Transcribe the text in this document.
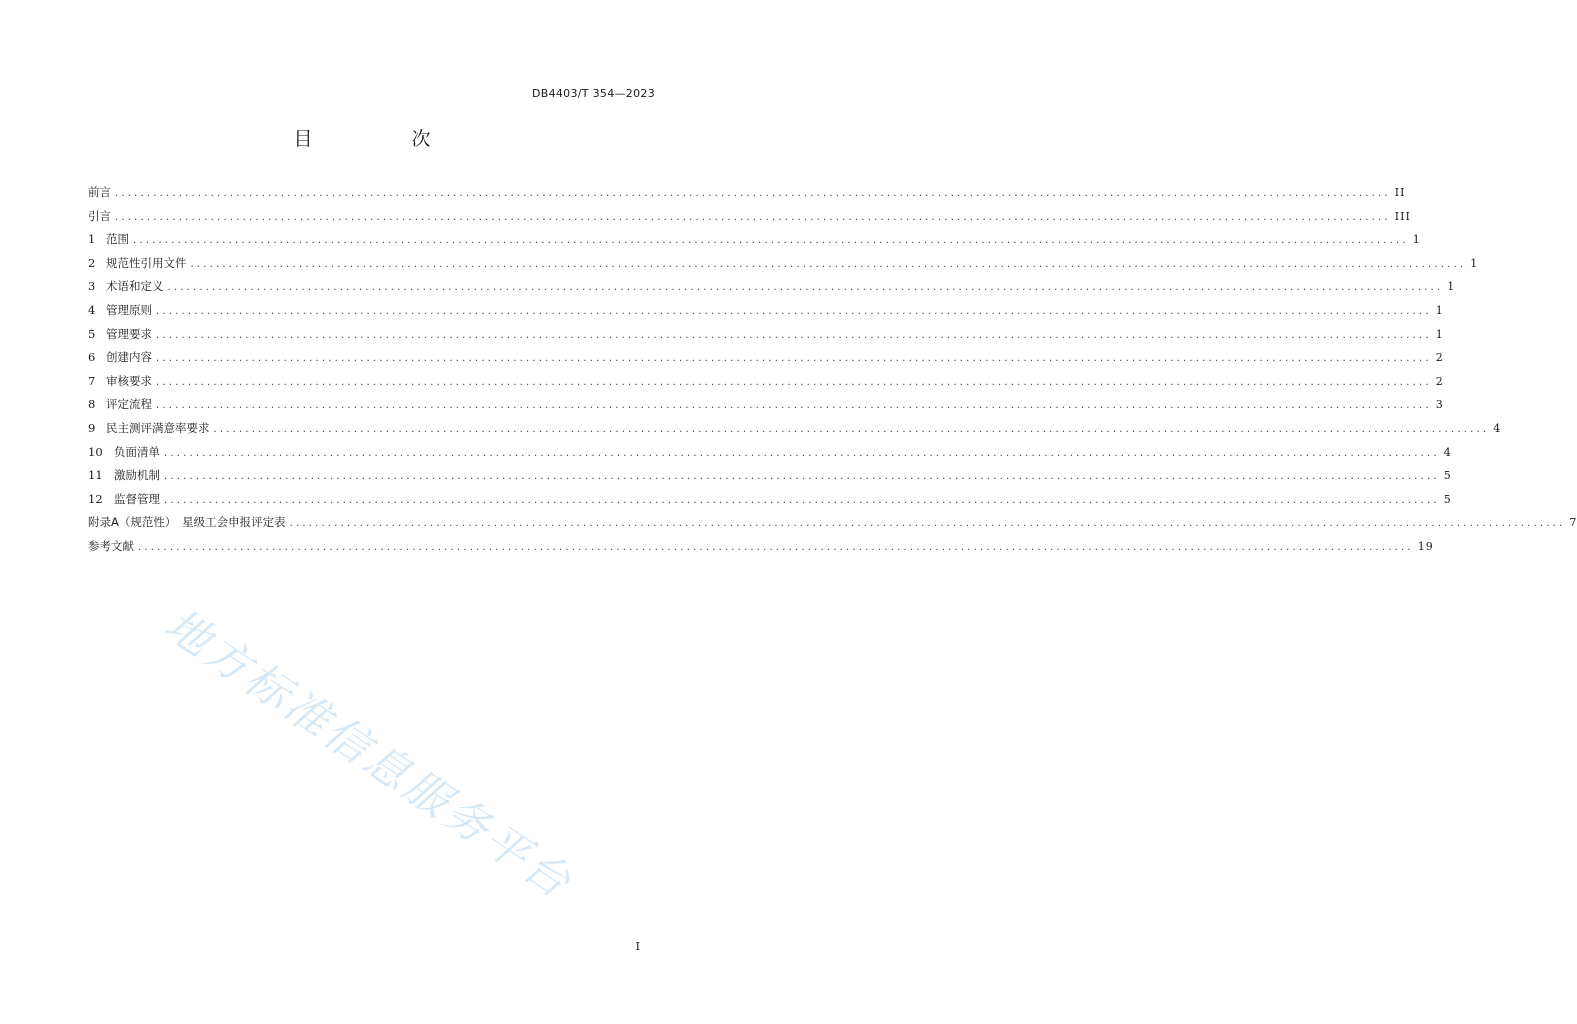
DB4403/T 354—2023
目　次
前言 ........................................................................................................................................................................................................ II
引言 ........................................................................................................................................................................................................ III
1 范围 ........................................................................................................................................................................................................ 1
2 规范性引用文件 ........................................................................................................................................................................................................ 1
3 术语和定义 ........................................................................................................................................................................................................ 1
4 管理原则 ........................................................................................................................................................................................................ 1
5 管理要求 ........................................................................................................................................................................................................ 1
6 创建内容 ........................................................................................................................................................................................................ 2
7 审核要求 ........................................................................................................................................................................................................ 2
8 评定流程 ........................................................................................................................................................................................................ 3
9 民主测评满意率要求 ........................................................................................................................................................................................................ 4
10 负面清单 ........................................................................................................................................................................................................ 4
11 激励机制 ........................................................................................................................................................................................................ 5
12 监督管理 ........................................................................................................................................................................................................ 5
附录A（规范性）　星级工会申报评定表 ........................................................................................................................................................................................................ 7
参考文献 ........................................................................................................................................................................................................ 19
地方标准信息服务平台
I
